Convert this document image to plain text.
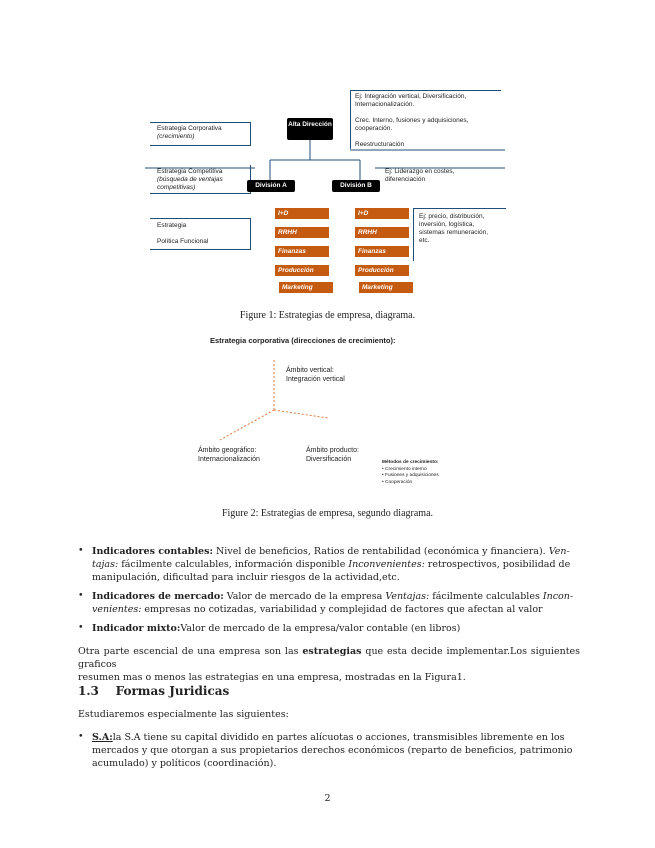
Estrategia Corporativa
(crecimiento)
Ej: Integración vertical, Diversificación,
Internacionalización.

Crec. Interno, fusiones y adquisiciones,
cooperación.

Reestructuración
Alta Dirección
Estrategia Competitiva
(búsqueda de ventajas competitivas)	División A	División B
Ej: Liderazgo en costes,
diferenciación
Estrategia

Política Funcional
I+D
RRHH
Finanzas
Producción
Marketing
I+D
RRHH
Finanzas
Producción
Marketing
Ej: precio, distribución,
inversión, logística,
sistemas remuneración,
etc.
Figure 1: Estrategias de empresa, diagrama.
Estrategia corporativa (direcciones de crecimiento):
Ámbito vertical:
Integración vertical
Ámbito geográfico:
Internacionalización
Ámbito producto:
Diversificación	Métodos de crecimiento:
• Crecimiento interno
• Fusiones y adquisiciones
• Cooperación
Figure 2: Estrategias de empresa, segundo diagrama.
• Indicadores contables: Nivel de beneficios, Ratios de rentabilidad (económica y financiera). Ven-
tajas: fácilmente calculables, información disponible Inconvenientes: retrospectivos, posibilidad de
manipulación, dificultad para incluir riesgos de la actividad,etc.
• Indicadores de mercado: Valor de mercado de la empresa Ventajas: fácilmente calculables Incon-
venientes: empresas no cotizadas, variabilidad y complejidad de factores que afectan al valor
• Indicador mixto:Valor de mercado de la empresa/valor contable (en libros)
Otra parte escencial de una empresa son las estrategias que esta decide implementar.Los siguientes graficos
resumen mas o menos las estrategias en una empresa, mostradas en la Figura1.
1.3 Formas Juridicas
Estudiaremos especialmente las siguientes:
• S.A:la S.A tiene su capital dividido en partes alícuotas o acciones, transmisibles libremente en los
mercados y que otorgan a sus propietarios derechos económicos (reparto de beneficios, patrimonio
acumulado) y políticos (coordinación).
2
